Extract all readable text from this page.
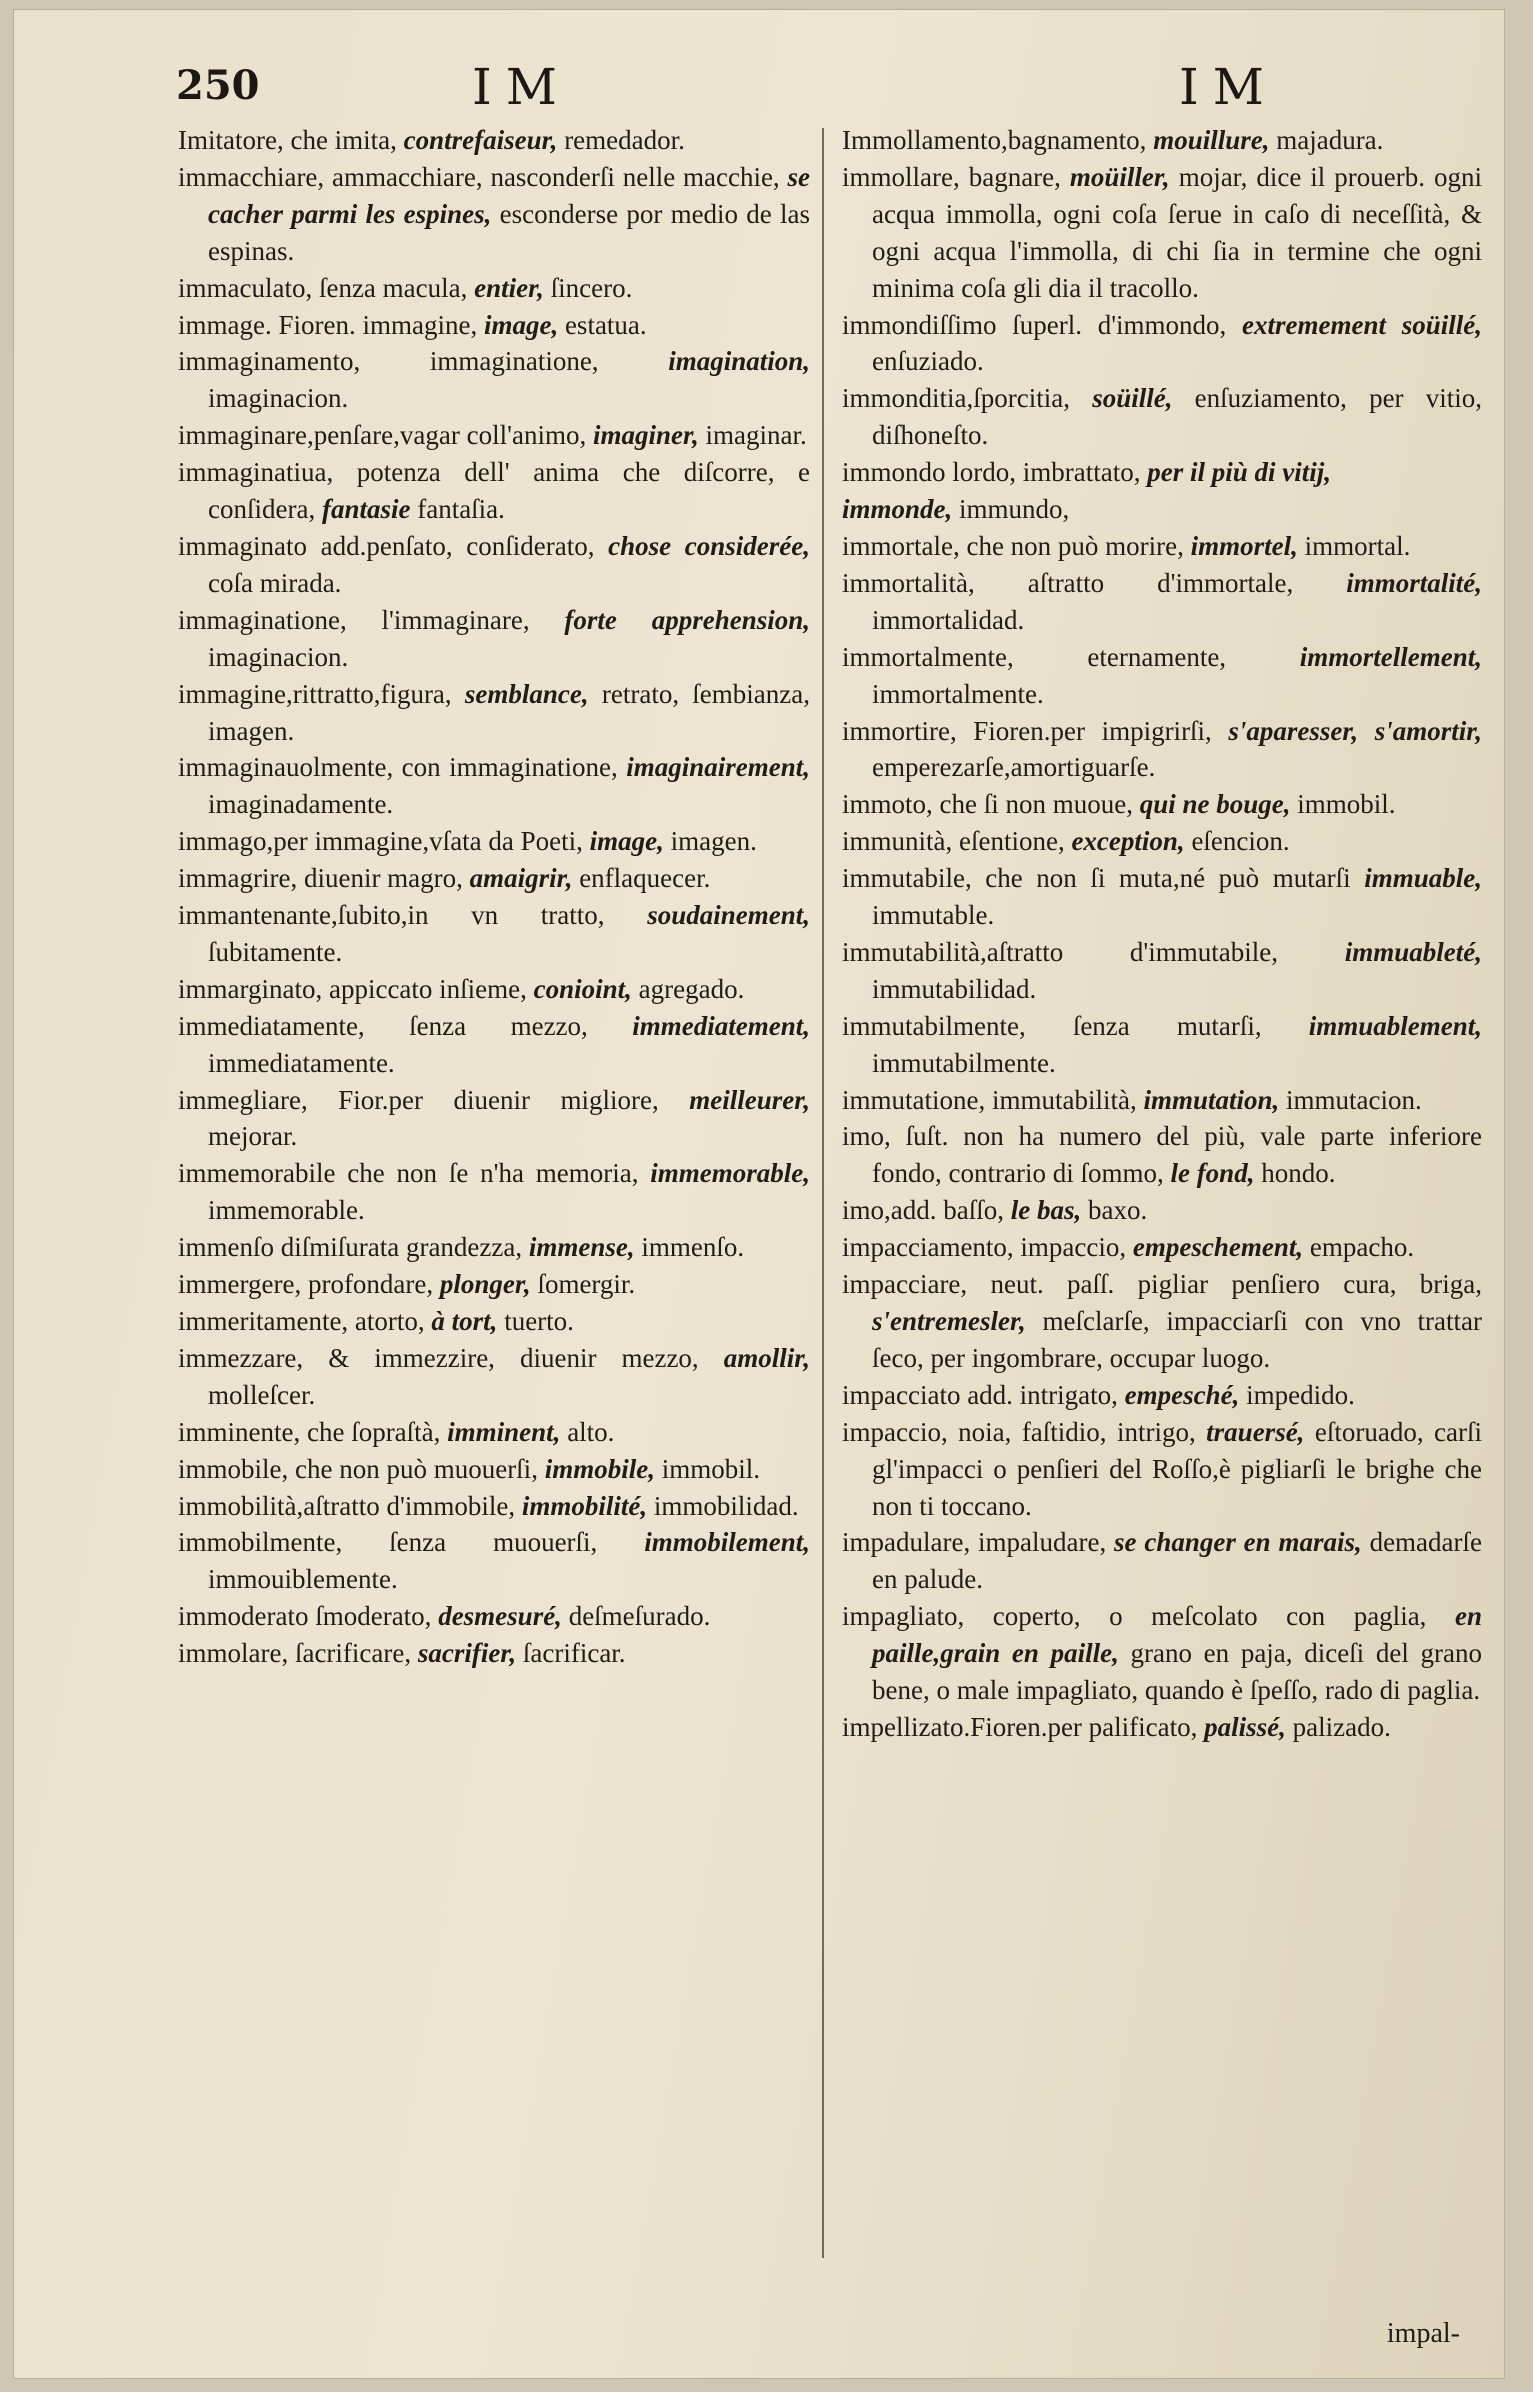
250	IM	IM

Imitatore, che imita, contrefaiseur, remedador.

immacchiare, ammacchiare, nasconderſi nelle macchie, se cacher parmi les espines, esconderse por medio de las espinas.

immaculato, ſenza macula, entier, ſincero.

immage. Fioren. immagine, image, estatua.

immaginamento, immaginatione,	imagination, imaginacion.

immaginare,penſare,vagar coll'animo, imaginer, imaginar.

immaginatiua, potenza dell' anima che diſcorre, e conſidera, fantasie fantaſia.

immaginato add.penſato, conſiderato, chose considerée, coſa mirada.

immaginatione, l'immaginare, forte apprehension, imaginacion.

immagine,rittratto,figura, semblance, retrato, ſembianza, imagen.

immaginauolmente, con immaginatione, imaginairement, imaginadamente.

immago,per immagine,vſata da Poeti, image, imagen.

immagrire, diuenir magro, amaigrir, enflaquecer.

immantenante,ſubito,in vn tratto, soudainement, ſubitamente.

immarginato, appiccato inſieme, conioint, agregado.

immediatamente, ſenza mezzo, immediatement, immediatamente.

immegliare, Fior.per diuenir migliore, meilleurer, mejorar.

immemorabile che non ſe n'ha memoria, immemorable, immemorable.

immenſo diſmiſurata grandezza, immense, immenſo.

immergere, profondare, plonger, ſomergir.

immeritamente, atorto, à tort, tuerto.

immezzare, & immezzire, diuenir mezzo, amollir, molleſcer.

imminente, che ſopraſtà, imminent, alto.

immobile, che non può muouerſi, immobile, immobil.

immobilità,aſtratto d'immobile, immobilité, immobilidad.

immobilmente, ſenza muouerſi, immobilement, immouiblemente.

immoderato ſmoderato, desmesuré, deſmeſurado.

immolare, ſacrificare, sacrifier, ſacrificar.

Immollamento,bagnamento, mouillure, majadura.

immollare, bagnare, moüiller, mojar, dice il prouerb. ogni acqua immolla, ogni coſa ſerue in caſo di neceſſità, & ogni acqua l'immolla, di chi ſia in termine che ogni minima coſa gli dia il tracollo.

immondiſſimo ſuperl. d'immondo, extremement soüillé, enſuziado.

immonditia,ſporcitia, soüillé, enſuziamento, per vitio, diſhoneſto.

immondo lordo, imbrattato, per il più di vitij,

immonde, immundo,

immortale, che non può morire, immortel, immortal.

immortalità, aſtratto d'immortale, immortalité, immortalidad.

immortalmente, eternamente,	immortellement, immortalmente.

immortire, Fioren.per impigrirſi, s'aparesser, s'amortir, emperezarſe,amortiguarſe.

immoto, che ſi non muoue, qui ne bouge, immobil.

immunità, eſentione, exception, eſencion.

immutabile, che non ſi muta,né può mutarſi immuable, immutable.

immutabilità,aſtratto d'immutabile, immuableté, immutabilidad.

immutabilmente, ſenza mutarſi, immuablement, immutabilmente.

immutatione, immutabilità, immutation, immutacion.

imo, ſuſt. non ha numero del più, vale parte inferiore fondo, contrario di ſommo, le fond, hondo.

imo,add. baſſo, le bas, baxo.

impacciamento, impaccio, empeschement, empacho.

impacciare, neut. paſſ. pigliar penſiero cura, briga, s'entremesler, meſclarſe, impacciarſi con vno trattar ſeco, per ingombrare, occupar luogo.

impacciato add. intrigato, empesché, impedido.

impaccio, noia, faſtidio, intrigo, trauersé, eſtoruado, carſi gl'impacci o penſieri del Roſſo,è pigliarſi le brighe che non ti toccano.

impadulare, impaludare, se changer en marais, demadarſe en palude.

impagliato, coperto, o meſcolato con paglia, en paille,grain en paille, grano en paja, diceſi del grano bene, o male impagliato, quando è ſpeſſo, rado di paglia.

impellizato.Fioren.per palificato, palissé, palizado.

impal-
